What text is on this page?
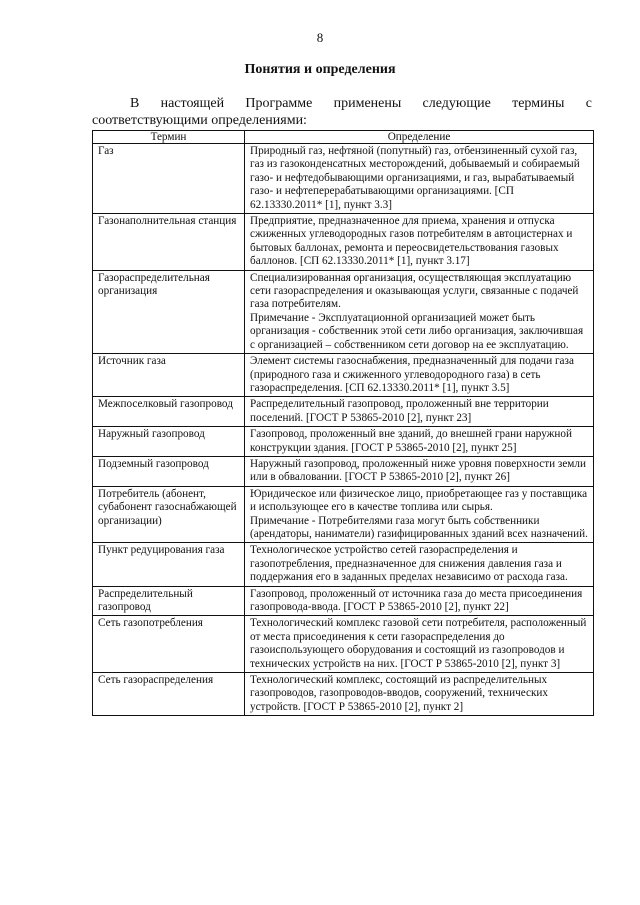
8
Понятия и определения
В настоящей Программе применены следующие термины с
соответствующими определениями:
Термин	Определение
Газ	Природный газ, нефтяной (попутный) газ, отбензиненный сухой газ, газ из газоконденсатных месторождений, добываемый и собираемый газо- и нефтедобывающими организациями, и газ, вырабатываемый газо- и нефтеперерабатывающими организациями. [СП 62.13330.2011* [1], пункт 3.3]
Газонаполнительная станция	Предприятие, предназначенное для приема, хранения и отпуска сжиженных углеводородных газов потребителям в автоцистернах и бытовых баллонах, ремонта и переосвидетельствования газовых баллонов. [СП 62.13330.2011* [1], пункт 3.17]
Газораспределительная организация	Специализированная организация, осуществляющая эксплуатацию сети газораспределения и оказывающая услуги, связанные с подачей газа потребителям.
Примечание - Эксплуатационной организацией может быть организация - собственник этой сети либо организация, заключившая с организацией – собственником сети договор на ее эксплуатацию.

Источник газа	Элемент системы газоснабжения, предназначенный для подачи газа (природного газа и сжиженного углеводородного газа) в сеть газораспределения. [СП 62.13330.2011* [1], пункт 3.5]
Межпоселковый газопровод	Распределительный газопровод, проложенный вне территории поселений. [ГОСТ Р 53865-2010 [2], пункт 23]
Наружный газопровод	Газопровод, проложенный вне зданий, до внешней грани наружной конструкции здания. [ГОСТ Р 53865-2010 [2], пункт 25]
Подземный газопровод	Наружный газопровод, проложенный ниже уровня поверхности земли или в обваловании. [ГОСТ Р 53865-2010 [2], пункт 26]
Потребитель (абонент, субабонент газоснабжающей организации)	Юридическое или физическое лицо, приобретающее газ у поставщика и использующее его в качестве топлива или сырья.
Примечание - Потребителями газа могут быть собственники (арендаторы, наниматели) газифицированных зданий всех назначений.

Пункт редуцирования газа	Технологическое устройство сетей газораспределения и газопотребления, предназначенное для снижения давления газа и поддержания его в заданных пределах независимо от расхода газа.
Распределительный газопровод	Газопровод, проложенный от источника газа до места присоединения газопровода-ввода. [ГОСТ Р 53865-2010 [2], пункт 22]
Сеть газопотребления	Технологический комплекс газовой сети потребителя, расположенный от места присоединения к сети газораспределения до газоиспользующего оборудования и состоящий из газопроводов и технических устройств на них. [ГОСТ Р 53865-2010 [2], пункт 3]
Сеть газораспределения	Технологический комплекс, состоящий из распределительных газопроводов, газопроводов-вводов, сооружений, технических устройств. [ГОСТ Р 53865-2010 [2], пункт 2]
